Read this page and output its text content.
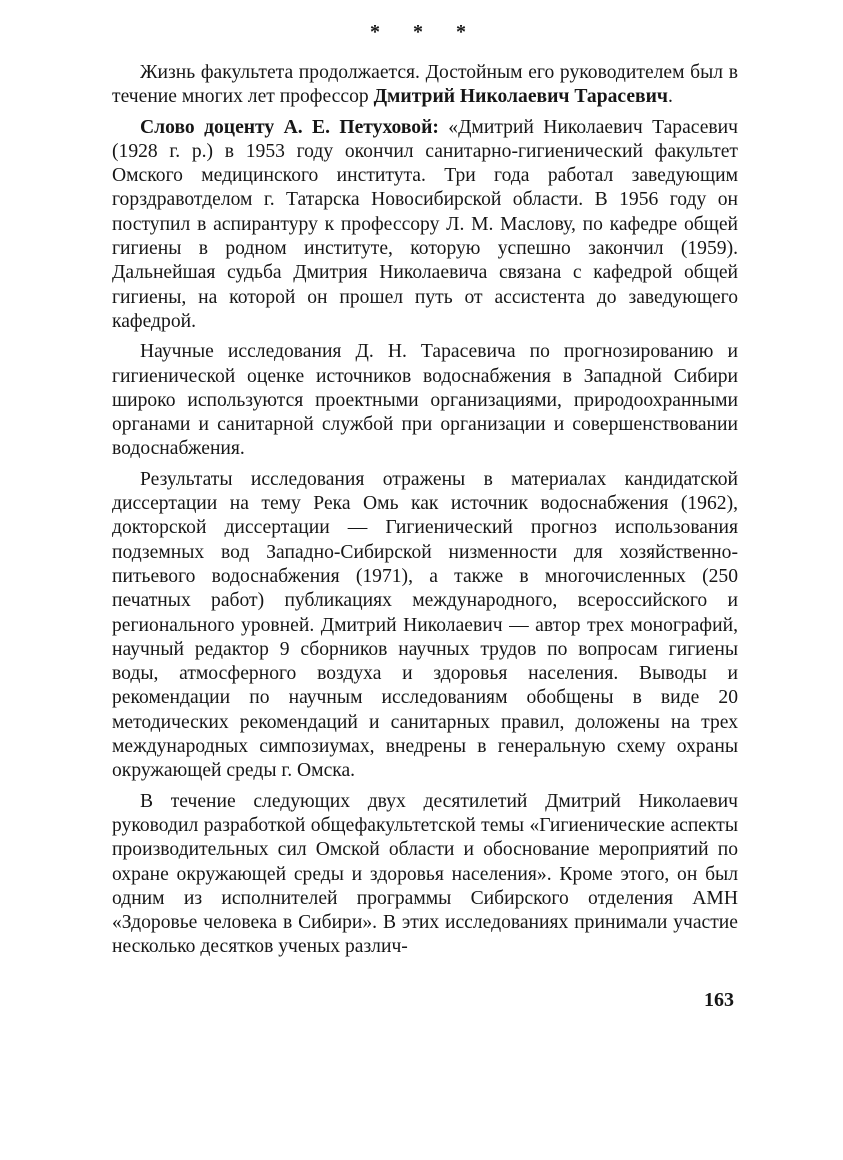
* * *

Жизнь факультета продолжается. Достойным его руководителем был в течение многих лет профессор Дмитрий Николаевич Тарасевич.

Слово доценту А. Е. Петуховой: «Дмитрий Николаевич Тарасевич (1928 г. р.) в 1953 году окончил санитарно-гигиенический факультет Омского медицинского института. Три года работал заведующим горздравотделом г. Татарска Новосибирской области. В 1956 году он поступил в аспирантуру к профессору Л. М. Маслову, по кафедре общей гигиены в родном институте, которую успешно закончил (1959). Дальнейшая судьба Дмитрия Николаевича связана с кафедрой общей гигиены, на которой он прошел путь от ассистента до заведующего кафедрой.

Научные исследования Д. Н. Тарасевича по прогнозированию и гигиенической оценке источников водоснабжения в Западной Сибири широко используются проектными организациями, природоохранными органами и санитарной службой при организации и совершенствовании водоснабжения.

Результаты исследования отражены в материалах кандидатской диссертации на тему Река Омь как источник водоснабжения (1962), докторской диссертации — Гигиенический прогноз использования подземных вод Западно-Сибирской низменности для хозяйственно-питьевого водоснабжения (1971), а также в многочисленных (250 печатных работ) публикациях международного, всероссийского и регионального уровней. Дмитрий Николаевич — автор трех монографий, научный редактор 9 сборников научных трудов по вопросам гигиены воды, атмосферного воздуха и здоровья населения. Выводы и рекомендации по научным исследованиям обобщены в виде 20 методических рекомендаций и санитарных правил, доложены на трех международных симпозиумах, внедрены в генеральную схему охраны окружающей среды г. Омска.

В течение следующих двух десятилетий Дмитрий Николаевич руководил разработкой общефакультетской темы «Гигиенические аспекты производительных сил Омской области и обоснование мероприятий по охране окружающей среды и здоровья населения». Кроме этого, он был одним из исполнителей программы Сибирского отделения АМН «Здоровье человека в Сибири». В этих исследованиях принимали участие несколько десятков ученых различ-

163
